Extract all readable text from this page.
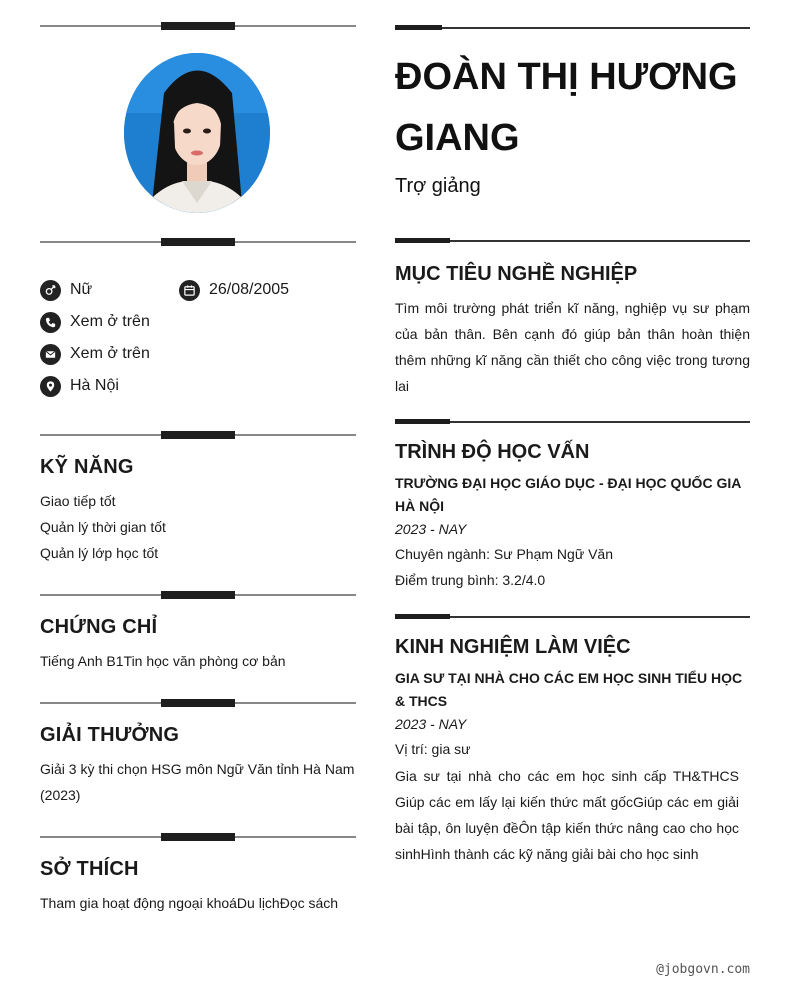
Nữ	26/08/2005
Xem ở trên
Xem ở trên
Hà Nội
KỸ NĂNG
Giao tiếp tốt
Quản lý thời gian tốt
Quản lý lớp học tốt
CHỨNG CHỈ
Tiếng Anh B1Tin học văn phòng cơ bản
GIẢI THƯỞNG
Giải 3 kỳ thi chọn HSG môn Ngữ Văn tỉnh Hà Nam (2023)
SỞ THÍCH
Tham gia hoạt động ngoại khoáDu lịchĐọc sách
ĐOÀN THỊ HƯƠNG GIANG
Trợ giảng
MỤC TIÊU NGHỀ NGHIỆP
Tìm môi trường phát triển kĩ năng, nghiệp vụ sư phạm của bản thân. Bên cạnh đó giúp bản thân hoàn thiện thêm những kĩ năng cần thiết cho công việc trong tương lai
TRÌNH ĐỘ HỌC VẤN
TRƯỜNG ĐẠI HỌC GIÁO DỤC - ĐẠI HỌC QUỐC GIA HÀ NỘI
2023 - NAY
Chuyên ngành: Sư Phạm Ngữ Văn
Điểm trung bình: 3.2/4.0
KINH NGHIỆM LÀM VIỆC
GIA SƯ TẠI NHÀ CHO CÁC EM HỌC SINH TIỂU HỌC & THCS
2023 - NAY
Vị trí: gia sư
Gia sư tại nhà cho các em học sinh cấp TH&THCS Giúp các em lấy lại kiến thức mất gốcGiúp các em giải bài tập, ôn luyện đềÔn tập kiến thức nâng cao cho học sinhHình thành các kỹ năng giải bài cho học sinh
@jobgovn.com
